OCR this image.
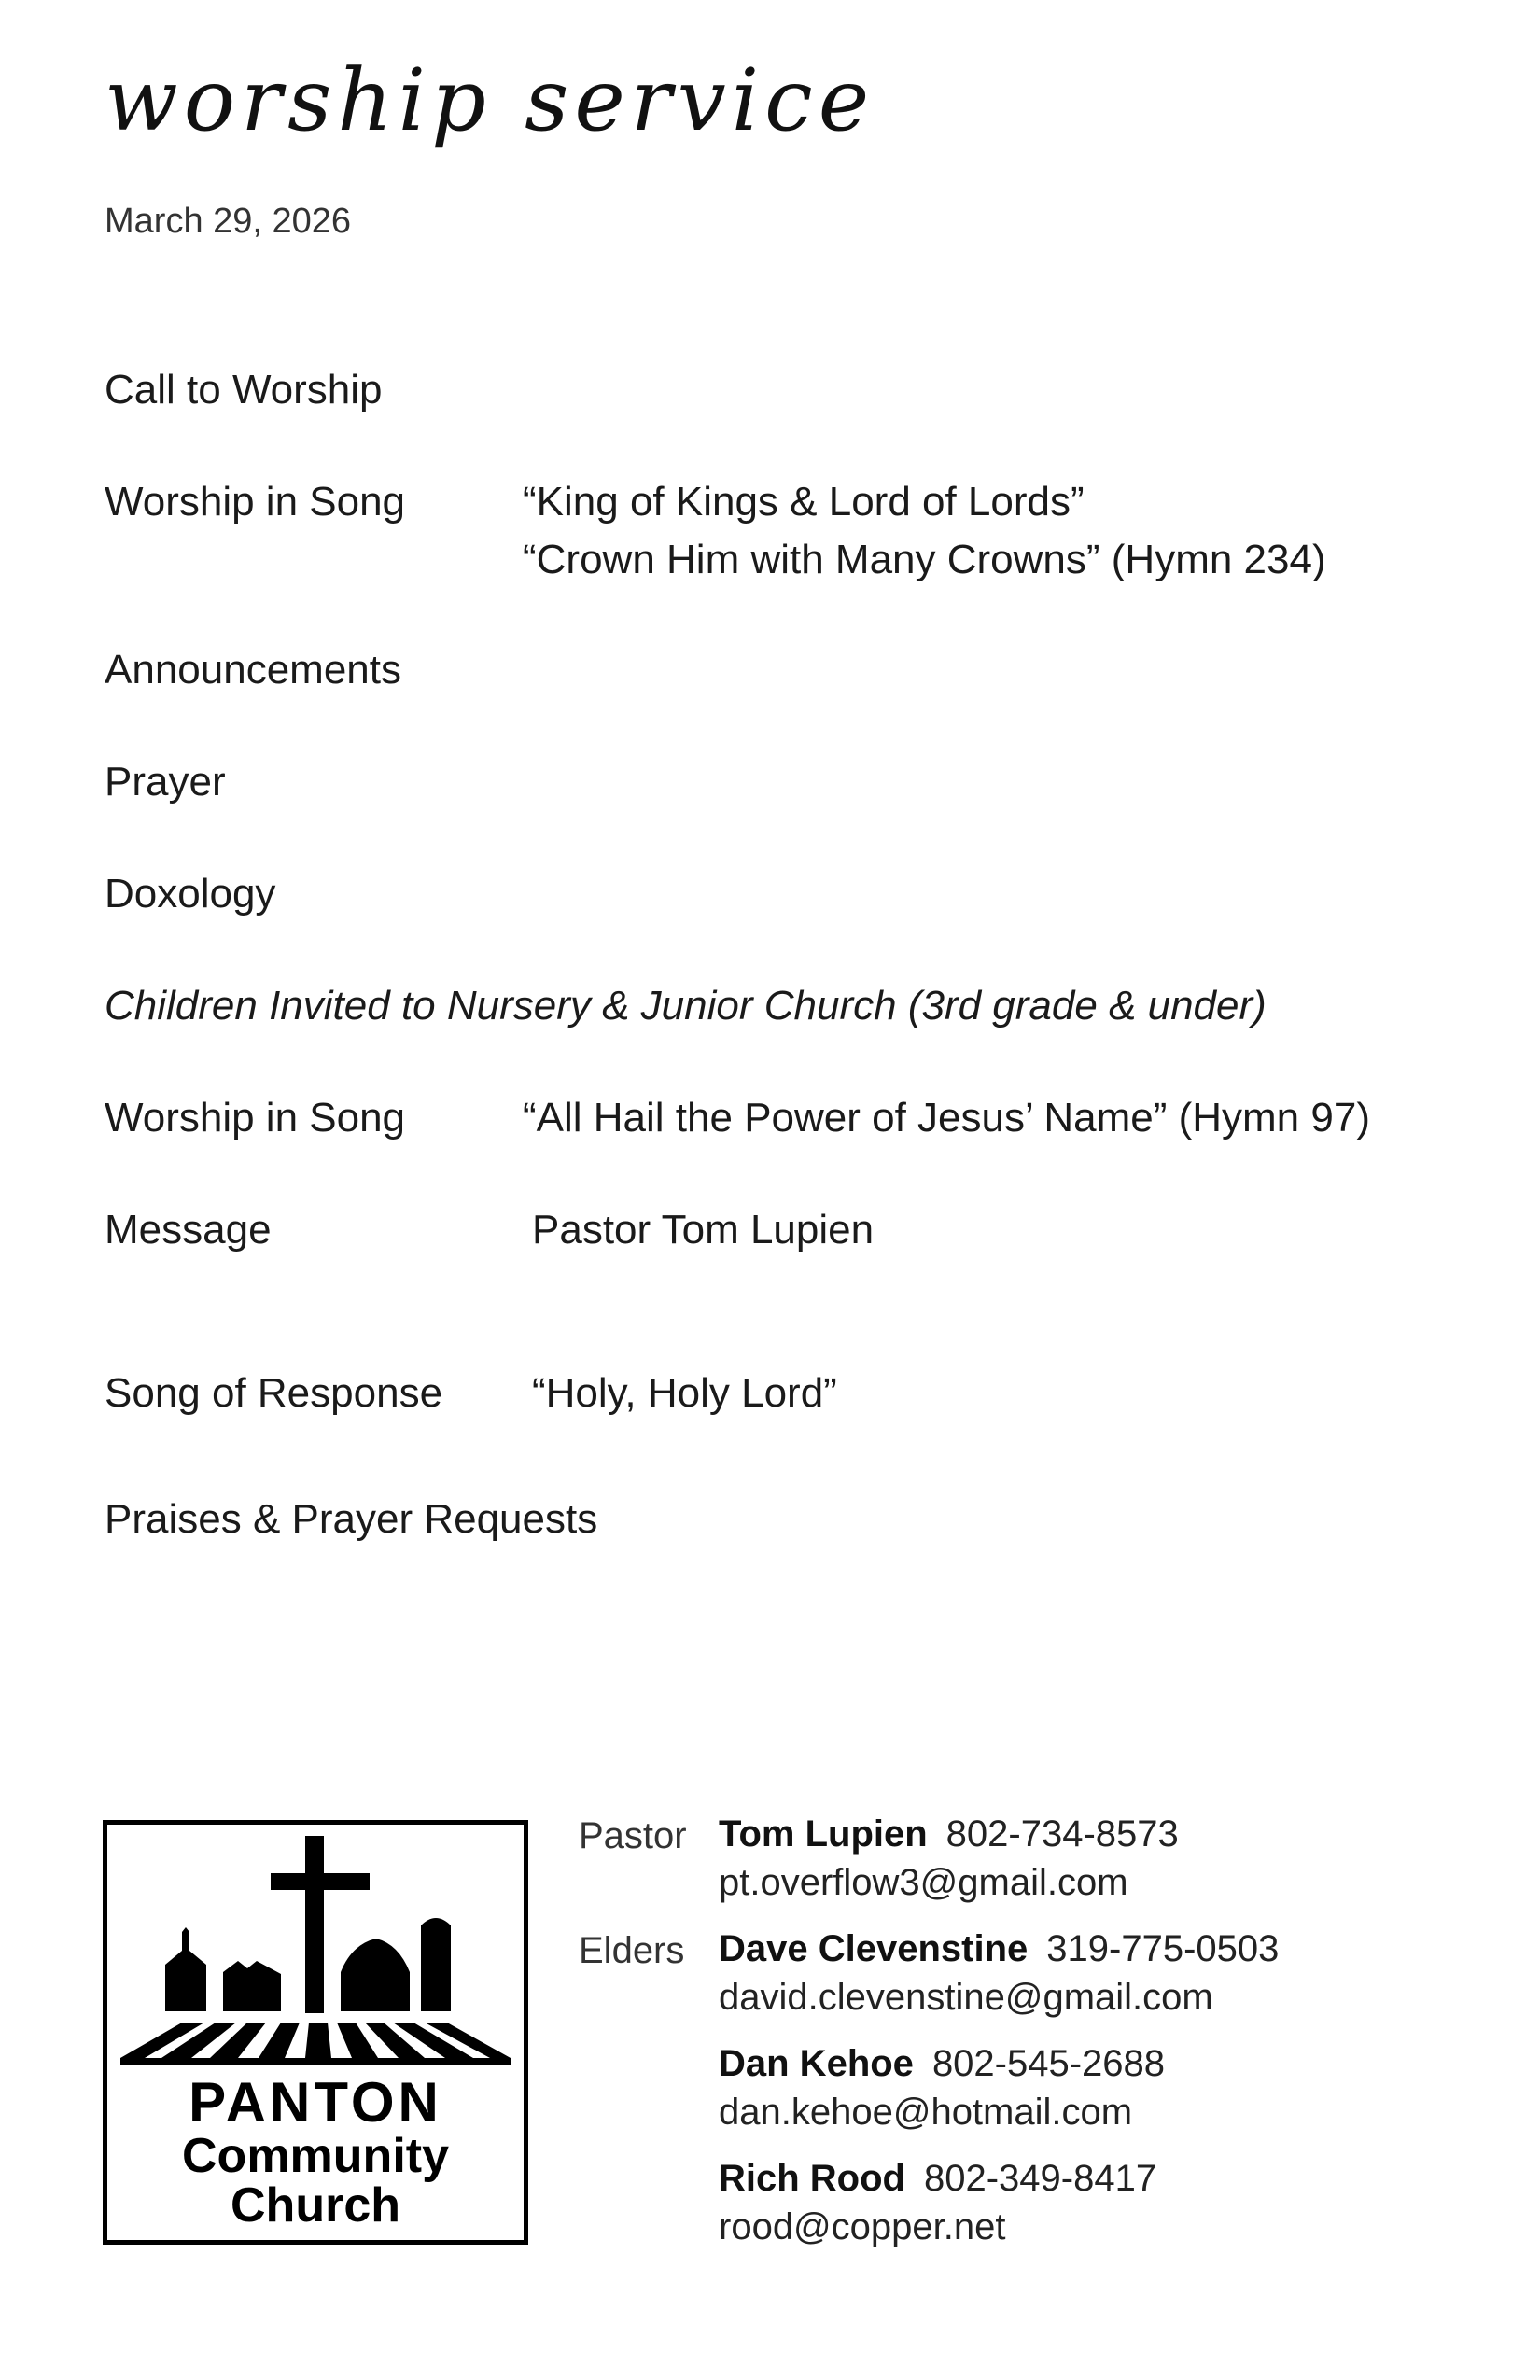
worship service
March 29, 2026
Call to Worship
Worship in Song	“King of Kings & Lord of Lords”
“Crown Him with Many Crowns” (Hymn 234)
Announcements
Prayer
Doxology
Children Invited to Nursery & Junior Church (3rd grade & under)
Worship in Song	“All Hail the Power of Jesus’ Name” (Hymn 97)
Message	Pastor Tom Lupien
Song of Response “Holy, Holy Lord”
Praises & Prayer Requests
PANTON
Community
Church
Pastor Tom Lupien 802-734-8573
pt.overflow3@gmail.com
Elders Dave Clevenstine 319-775-0503
david.clevenstine@gmail.com
Dan Kehoe 802-545-2688
dan.kehoe@hotmail.com
Rich Rood 802-349-8417
rood@copper.net
